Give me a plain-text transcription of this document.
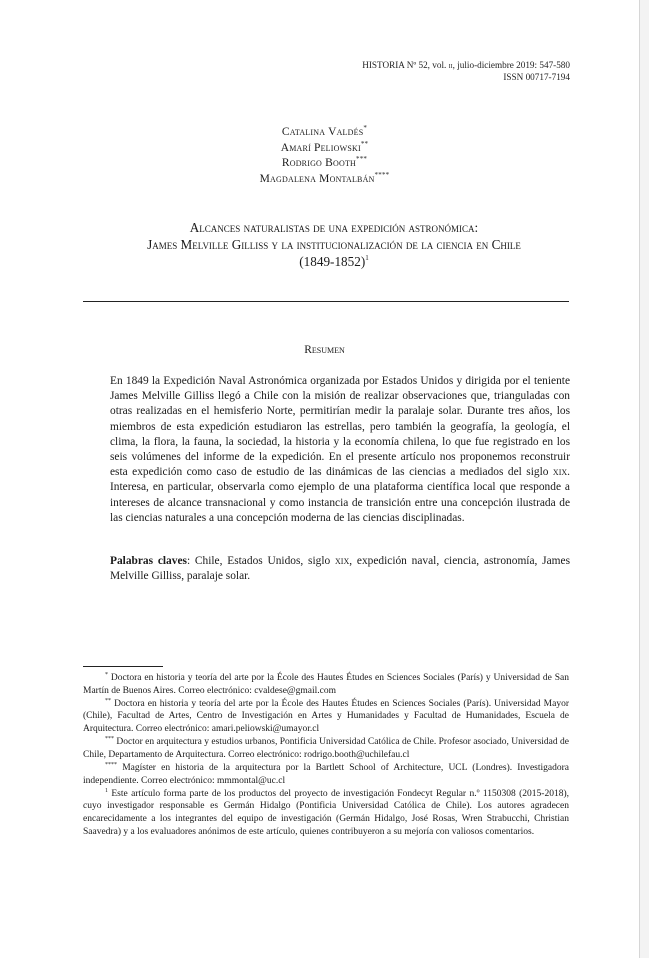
HISTORIA Nº 52, vol. ii, julio-diciembre 2019: 547-580
ISSN 00717-7194
Catalina Valdés*
Amarí Peliowski**
Rodrigo Booth***
Magdalena Montalbán****
Alcances naturalistas de una expedición astronómica:
James Melville Gilliss y la institucionalización de la ciencia en Chile
(1849-1852)$^1$
Resumen
En 1849 la Expedición Naval Astronómica organizada por Estados Unidos y dirigida por el teniente James Melville Gilliss llegó a Chile con la misión de realizar observaciones que, trianguladas con otras realizadas en el hemisferio Norte, permitirían medir la paralaje solar. Durante tres años, los miembros de esta expedición estudiaron las estrellas, pero también la geografía, la geología, el clima, la flora, la fauna, la sociedad, la historia y la economía chilena, lo que fue registrado en los seis volúmenes del informe de la expedición. En el presente artículo nos proponemos reconstruir esta expedición como caso de estudio de las dinámicas de las ciencias a mediados del siglo xix. Interesa, en particular, observarla como ejemplo de una plataforma científica local que responde a intereses de alcance transnacional y como instancia de transición entre una concepción ilustrada de las ciencias naturales a una concepción moderna de las ciencias disciplinadas.
Palabras claves: Chile, Estados Unidos, siglo xix, expedición naval, ciencia, astronomía, James Melville Gilliss, paralaje solar.

* Doctora en historia y teoría del arte por la École des Hautes Études en Sciences Sociales (París) y Universidad de San Martín de Buenos Aires. Correo electrónico: cvaldese@gmail.com

** Doctora en historia y teoría del arte por la École des Hautes Études en Sciences Sociales (París). Universidad Mayor (Chile), Facultad de Artes, Centro de Investigación en Artes y Humanidades y Facultad de Humanidades, Escuela de Arquitectura. Correo electrónico: amari.peliowski@umayor.cl

*** Doctor en arquitectura y estudios urbanos, Pontificia Universidad Católica de Chile. Profesor asociado, Universidad de Chile, Departamento de Arquitectura. Correo electrónico: rodrigo.booth@uchilefau.cl

**** Magíster en historia de la arquitectura por la Bartlett School of Architecture, UCL (Londres). Investigadora independiente. Correo electrónico: mmmontal@uc.cl

$^1$ Este artículo forma parte de los productos del proyecto de investigación Fondecyt Regular n.º 1150308 (2015-2018), cuyo investigador responsable es Germán Hidalgo (Pontificia Universidad Católica de Chile). Los autores agradecen encarecidamente a los integrantes del equipo de investigación (Germán Hidalgo, José Rosas, Wren Strabucchi, Christian Saavedra) y a los evaluadores anónimos de este artículo, quienes contribuyeron a su mejoría con valiosos comentarios.
